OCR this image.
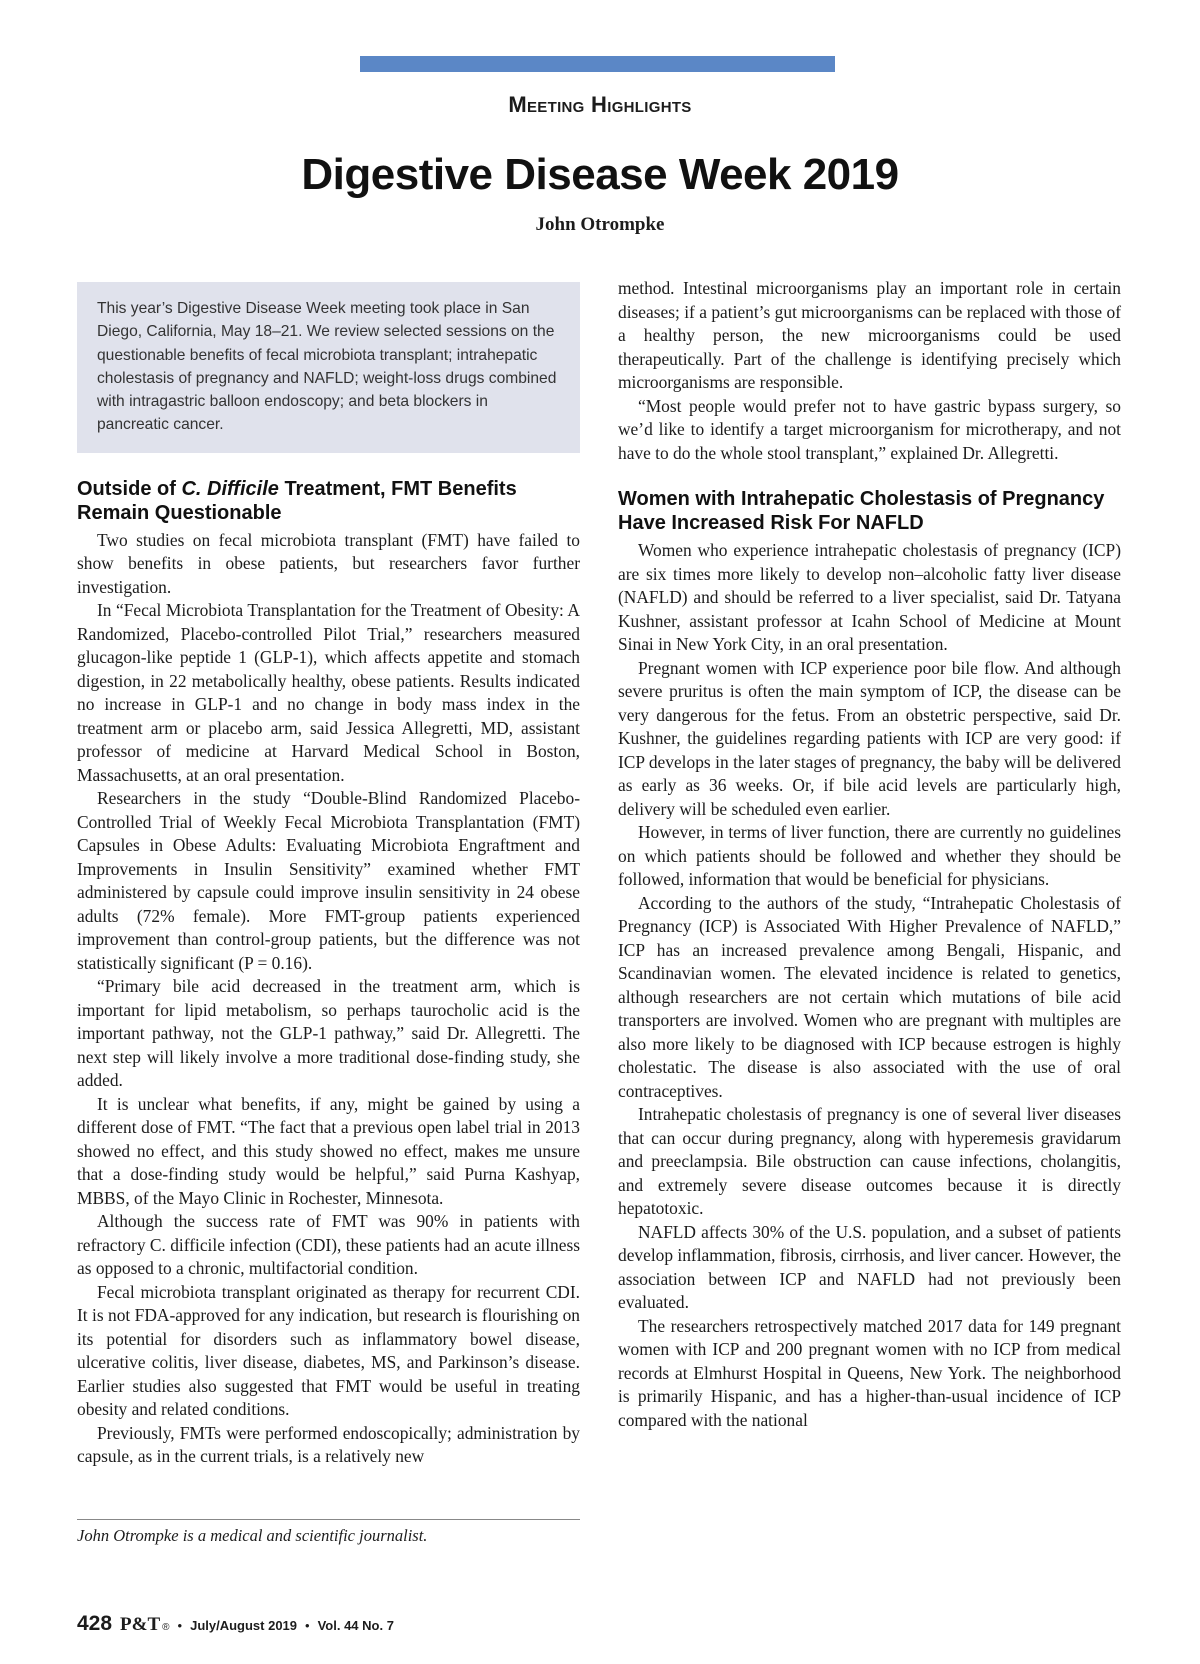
Meeting Highlights
Digestive Disease Week 2019
John Otrompke
This year’s Digestive Disease Week meeting took place in San Diego, California, May 18–21. We review selected sessions on the questionable benefits of fecal microbiota transplant; intrahepatic cholestasis of pregnancy and NAFLD; weight-loss drugs combined with intragastric balloon endoscopy; and beta blockers in pancreatic cancer.
Outside of C. Difficile Treatment, FMT Benefits Remain Questionable

Two studies on fecal microbiota transplant (FMT) have failed to show benefits in obese patients, but researchers favor further investigation.

In “Fecal Microbiota Transplantation for the Treatment of Obesity: A Randomized, Placebo-controlled Pilot Trial,” researchers measured glucagon-like peptide 1 (GLP-1), which affects appetite and stomach digestion, in 22 metabolically healthy, obese patients. Results indicated no increase in GLP-1 and no change in body mass index in the treatment arm or placebo arm, said Jessica Allegretti, MD, assistant professor of medicine at Harvard Medical School in Boston, Massachusetts, at an oral presentation.

Researchers in the study “Double-Blind Randomized Placebo-Controlled Trial of Weekly Fecal Microbiota Transplantation (FMT) Capsules in Obese Adults: Evaluating Microbiota Engraftment and Improvements in Insulin Sensitivity” examined whether FMT administered by capsule could improve insulin sensitivity in 24 obese adults (72% female). More FMT-group patients experienced improvement than control-group patients, but the difference was not statistically significant (P = 0.16).

“Primary bile acid decreased in the treatment arm, which is important for lipid metabolism, so perhaps taurocholic acid is the important pathway, not the GLP-1 pathway,” said Dr. Allegretti. The next step will likely involve a more traditional dose-finding study, she added.

It is unclear what benefits, if any, might be gained by using a different dose of FMT. “The fact that a previous open label trial in 2013 showed no effect, and this study showed no effect, makes me unsure that a dose-finding study would be helpful,” said Purna Kashyap, MBBS, of the Mayo Clinic in Rochester, Minnesota.

Although the success rate of FMT was 90% in patients with refractory C. difficile infection (CDI), these patients had an acute illness as opposed to a chronic, multifactorial condition.

Fecal microbiota transplant originated as therapy for recurrent CDI. It is not FDA-approved for any indication, but research is flourishing on its potential for disorders such as inflammatory bowel disease, ulcerative colitis, liver disease, diabetes, MS, and Parkinson’s disease. Earlier studies also suggested that FMT would be useful in treating obesity and related conditions.

Previously, FMTs were performed endoscopically; administration by capsule, as in the current trials, is a relatively new

method. Intestinal microorganisms play an important role in certain diseases; if a patient’s gut microorganisms can be replaced with those of a healthy person, the new microorganisms could be used therapeutically. Part of the challenge is identifying precisely which microorganisms are responsible.

“Most people would prefer not to have gastric bypass surgery, so we’d like to identify a target microorganism for microtherapy, and not have to do the whole stool transplant,” explained Dr. Allegretti.

Women with Intrahepatic Cholestasis of Pregnancy Have Increased Risk For NAFLD

Women who experience intrahepatic cholestasis of pregnancy (ICP) are six times more likely to develop non–alcoholic fatty liver disease (NAFLD) and should be referred to a liver specialist, said Dr. Tatyana Kushner, assistant professor at Icahn School of Medicine at Mount Sinai in New York City, in an oral presentation.

Pregnant women with ICP experience poor bile flow. And although severe pruritus is often the main symptom of ICP, the disease can be very dangerous for the fetus. From an obstetric perspective, said Dr. Kushner, the guidelines regarding patients with ICP are very good: if ICP develops in the later stages of pregnancy, the baby will be delivered as early as 36 weeks. Or, if bile acid levels are particularly high, delivery will be scheduled even earlier.

However, in terms of liver function, there are currently no guidelines on which patients should be followed and whether they should be followed, information that would be beneficial for physicians.

According to the authors of the study, “Intrahepatic Cholestasis of Pregnancy (ICP) is Associated With Higher Prevalence of NAFLD,” ICP has an increased prevalence among Bengali, Hispanic, and Scandinavian women. The elevated incidence is related to genetics, although researchers are not certain which mutations of bile acid transporters are involved. Women who are pregnant with multiples are also more likely to be diagnosed with ICP because estrogen is highly cholestatic. The disease is also associated with the use of oral contraceptives.

Intrahepatic cholestasis of pregnancy is one of several liver diseases that can occur during pregnancy, along with hyperemesis gravidarum and preeclampsia. Bile obstruction can cause infections, cholangitis, and extremely severe disease outcomes because it is directly hepatotoxic.

NAFLD affects 30% of the U.S. population, and a subset of patients develop inflammation, fibrosis, cirrhosis, and liver cancer. However, the association between ICP and NAFLD had not previously been evaluated.

The researchers retrospectively matched 2017 data for 149 pregnant women with ICP and 200 pregnant women with no ICP from medical records at Elmhurst Hospital in Queens, New York. The neighborhood is primarily Hispanic, and has a higher-than-usual incidence of ICP compared with the national

John Otrompke is a medical and scientific journalist.
428 P&T ® • July/August 2019 • Vol. 44 No. 7
